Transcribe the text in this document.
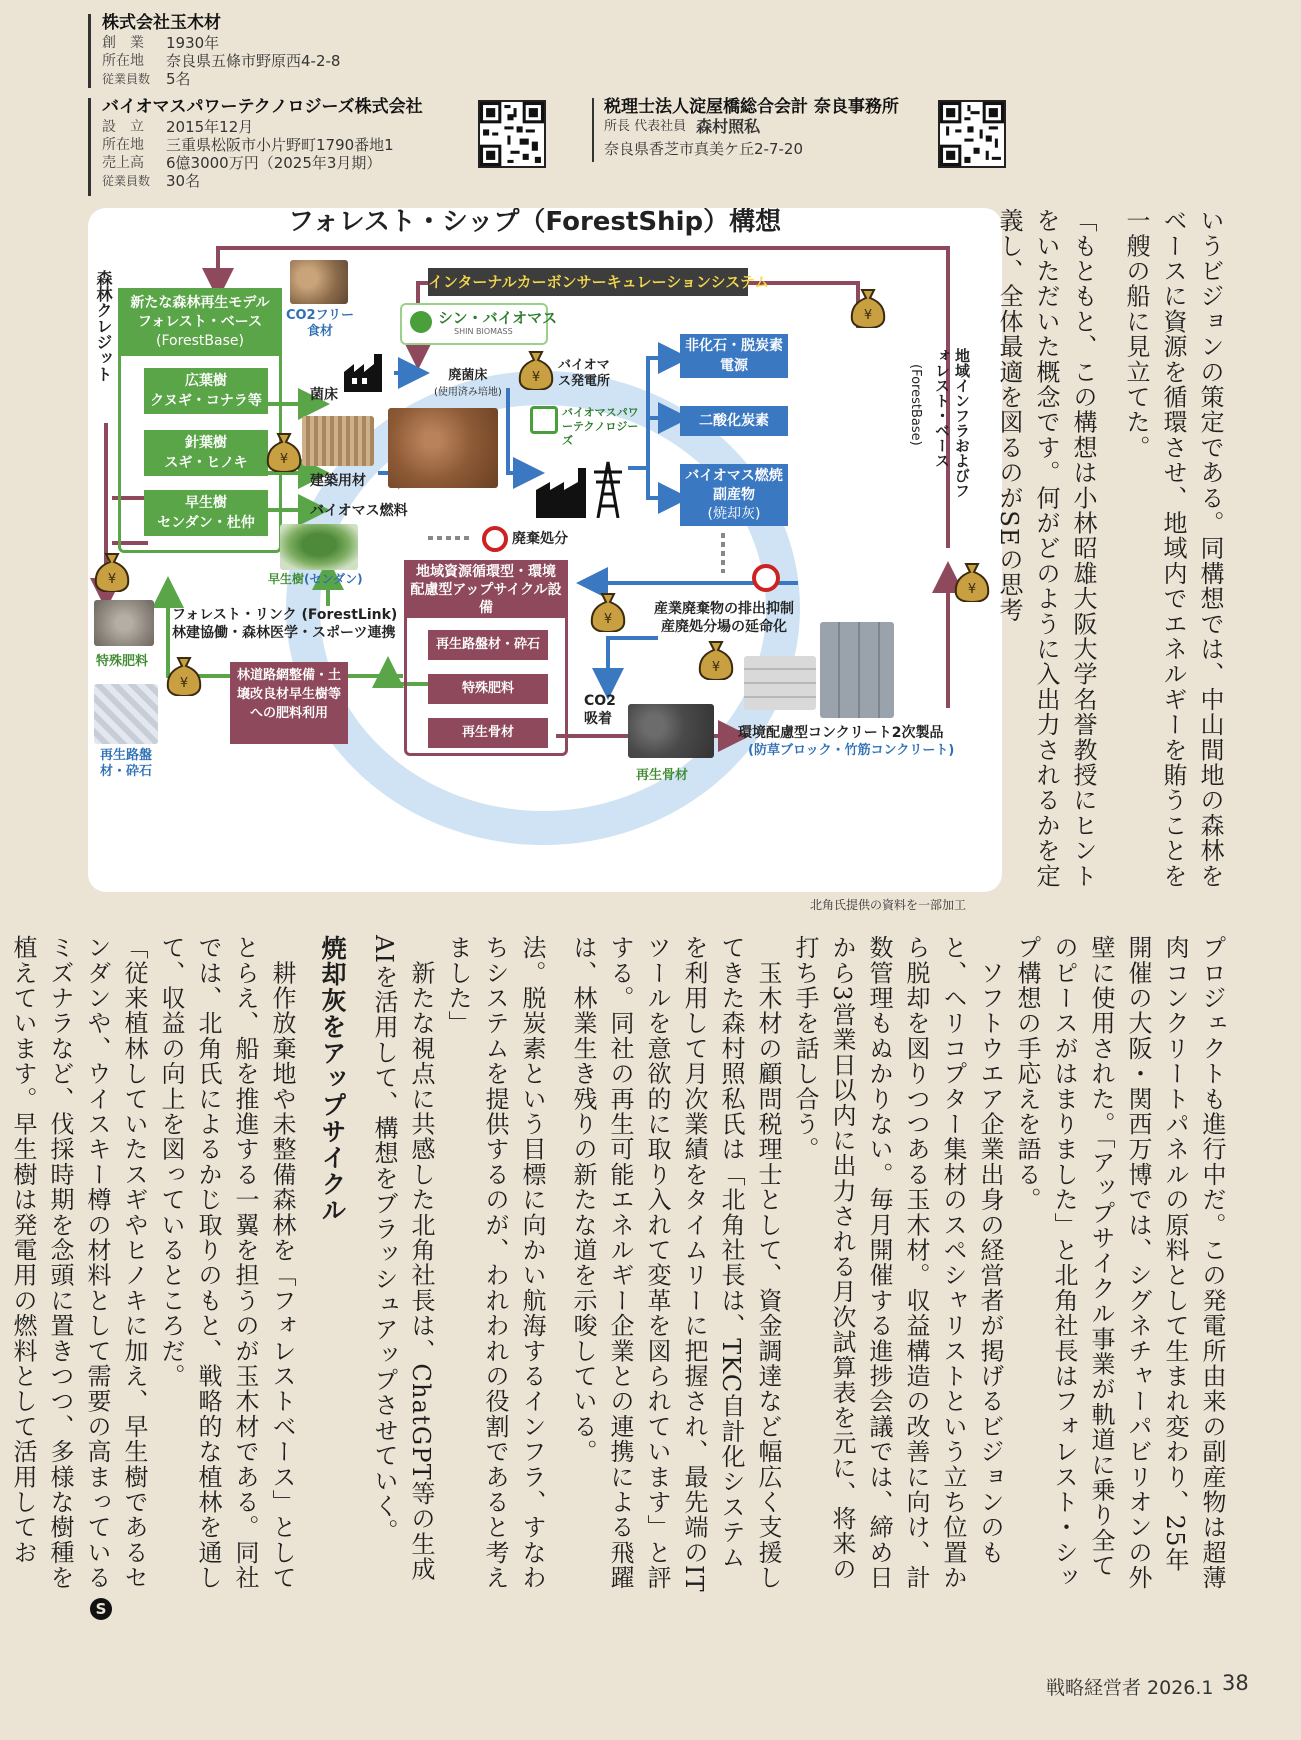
株式会社玉木材
創　業	1930年
所在地	奈良県五條市野原西4-2-8
従業員数	5名
バイオマスパワーテクノロジーズ株式会社
設　立	2015年12月
所在地	三重県松阪市小片野町1790番地1
売上高	6億3000万円（2025年3月期）
従業員数	30名
税理士法人淀屋橋総合会計 奈良事務所
所長 代表社員 森村照私
奈良県香芝市真美ケ丘2-7-20
フォレスト・シップ（ForestShip）構想
インターナルカーボンサーキュレーションシステム
森林クレジット	新たな森林再生モデル
フォレスト・ベース
(ForestBase)
広葉樹
クヌギ・コナラ等
針葉樹
スギ・ヒノキ
早生樹
センダン・杜仲
CO2フリー食材
シン・バイオマス
SHIN BIOMASS
菌床
廃菌床
(使用済み培地)
バイオマス発電所
バイオマスパワーテクノロジーズ
建築用材
バイオマス燃料
廃棄処分
早生樹(センダン)
非化石・脱炭素電源
二酸化炭素
バイオマス燃焼副産物
(焼却灰)
地域インフラおよびフォレスト・ベース
(ForestBase)
産業廃棄物の排出抑制
産廃処分場の延命化
地域資源循環型・環境配慮型アップサイクル設備
再生路盤材・砕石
特殊肥料
再生骨材
フォレスト・リンク (ForestLink)
林建協働・森林医学・スポーツ連携
林道路網整備・土壌改良材早生樹等への肥料利用
特殊肥料
再生路盤材・砕石
CO2吸着
再生骨材
環境配慮型コンクリート2次製品
(防草ブロック・竹筋コンクリート)
¥
¥
¥
¥
¥
¥
¥
¥
北角氏提供の資料を一部加工

いうビジョンの策定である。同構想では、中山間地の森林をベースに資源を循環させ、地域内でエネルギーを賄うことを一艘の船に見立てた。

「もともと、この構想は小林昭雄大阪大学名誉教授にヒントをいただいた概念です。何がどのように入出力されるかを定義し、全体最適を図るのがSEの思考

プロジェクトも進行中だ。この発電所由来の副産物は超薄肉コンクリートパネルの原料として生まれ変わり、25年開催の大阪・関西万博では、シグネチャーパビリオンの外壁に使用された。「アップサイクル事業が軌道に乗り全てのピースがはまりました」と北角社長はフォレスト・シップ構想の手応えを語る。
　ソフトウエア企業出身の経営者が掲げるビジョンのもと、ヘリコプター集材のスペシャリストという立ち位置から脱却を図りつつある玉木材。収益構造の改善に向け、計数管理もぬかりない。毎月開催する進捗会議では、締め日から3営業日以内に出力される月次試算表を元に、将来の打ち手を話し合う。
　玉木材の顧問税理士として、資金調達など幅広く支援してきた森村照私氏は「北角社長は、TKC自計化システムを利用して月次業績をタイムリーに把握され、最先端のITツールを意欲的に取り入れて変革を図られています」と評する。同社の再生可能エネルギー企業との連携による飛躍は、林業生き残りの新たな道を示唆している。

法。脱炭素という目標に向かい航海するインフラ、すなわちシステムを提供するのが、われわれの役割であると考えました」
　新たな視点に共感した北角社長は、ChatGPT等の生成AIを活用して、構想をブラッシュアップさせていく。

焼却灰をアップサイクル

　耕作放棄地や未整備森林を「フォレストベース」としてとらえ、船を推進する一翼を担うのが玉木材である。同社では、北角氏によるかじ取りのもと、戦略的な植林を通して、収益の向上を図っているところだ。
「従来植林していたスギやヒノキに加え、早生樹であるセンダンや、ウイスキー樽の材料として需要の高まっているミズナラなど、伐採時期を念頭に置きつつ、多様な樹種を植えています。早生樹は発電用の燃料として活用してお

S
戦略経営者 2026.1 38
